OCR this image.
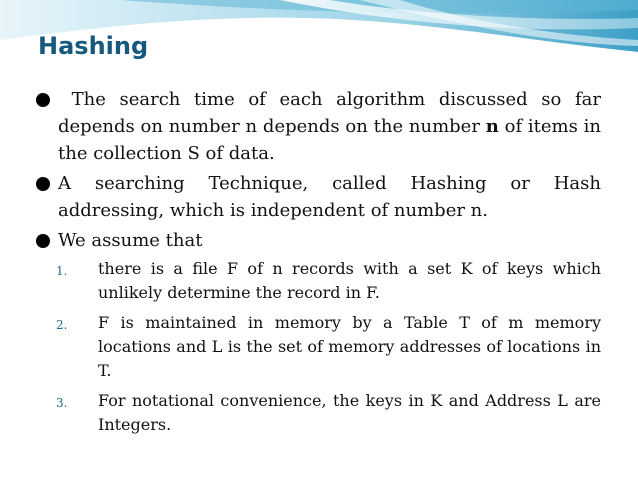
Hashing
The search time of each algorithm discussed so far depends on number n depends on the number n of items in the collection S of data.
A searching Technique, called Hashing or Hash addressing, which is independent of number n.
We assume that
1. there is a file F of n records with a set K of keys which unlikely determine the record in F.
2. F is maintained in memory by a Table T of m memory locations and L is the set of memory addresses of locations in T.
3. For notational convenience, the keys in K and Address L are Integers.
